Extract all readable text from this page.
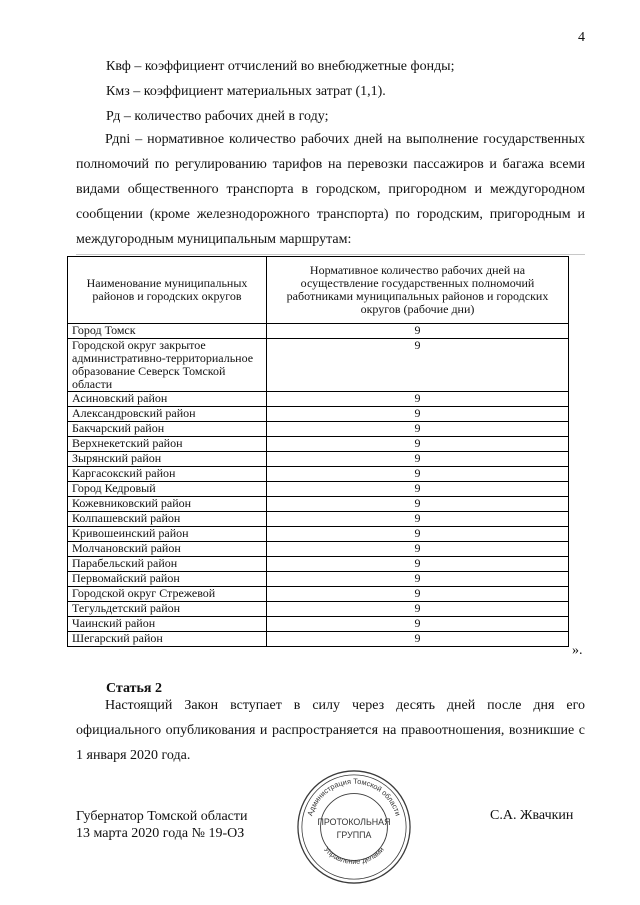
4
Квф – коэффициент отчислений во внебюджетные фонды;
Кмз – коэффициент материальных затрат (1,1).
Рд – количество рабочих дней в году;
Рдni – нормативное количество рабочих дней на выполнение государственных полномочий по регулированию тарифов на перевозки пассажиров и багажа всеми видами общественного транспорта в городском, пригородном и междугородном сообщении (кроме железнодорожного транспорта) по городским, пригородным и междугородным муниципальным маршрутам:
Наименование муниципальных районов и городских округов	Нормативное количество рабочих дней на осуществление государственных полномочий работниками муниципальных районов и городских округов (рабочие дни)
Город Томск	9
Городской округ закрытое административно-территориальное образование Северск Томской области	9
Асиновский район	9
Александровский район	9
Бакчарский район	9
Верхнекетский район	9
Зырянский район	9
Каргасокский район	9
Город Кедровый	9
Кожевниковский район	9
Колпашевский район	9
Кривошеинский район	9
Молчановский район	9
Парабельский район	9
Первомайский район	9
Городской округ Стрежевой	9
Тегульдетский район	9
Чаинский район	9
Шегарский район	9
».
Статья 2
Настоящий Закон вступает в силу через десять дней после дня его официального опубликования и распространяется на правоотношения, возникшие с 1 января 2020 года.
Губернатор Томской области
13 марта 2020 года № 19-ОЗ
С.А. Жвачкин
Администрация Томской области
Управление делами
ПРОТОКОЛЬНАЯ
ГРУППА
